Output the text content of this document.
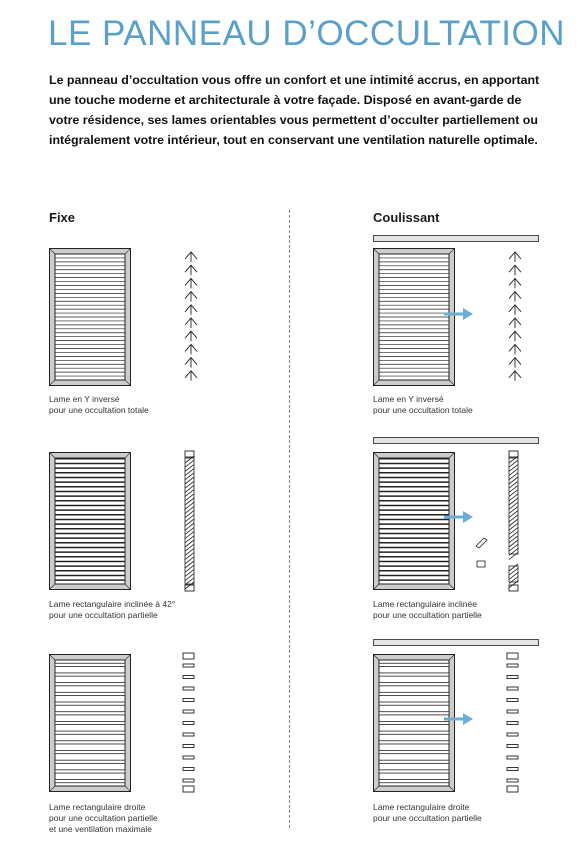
LE PANNEAU D’OCCULTATION
Le panneau d’occultation vous offre un confort et une intimité accrus, en apportant une touche moderne et architecturale à votre façade. Disposé en avant-garde de votre résidence, ses lames orientables vous permettent d’occulter partiellement ou intégralement votre intérieur, tout en conservant une ventilation naturelle optimale.
Fixe	Coulissant
Lame en Y inversé
pour une occultation totale
Lame rectangulaire inclinée à 42°
pour une occultation partielle
Lame rectangulaire droite
pour une occultation partielle
et une ventilation maximale
Lame en Y inversé
pour une occultation totale
Lame rectangulaire inclinée
pour une occultation partielle
Lame rectangulaire droite
pour une occultation partielle
